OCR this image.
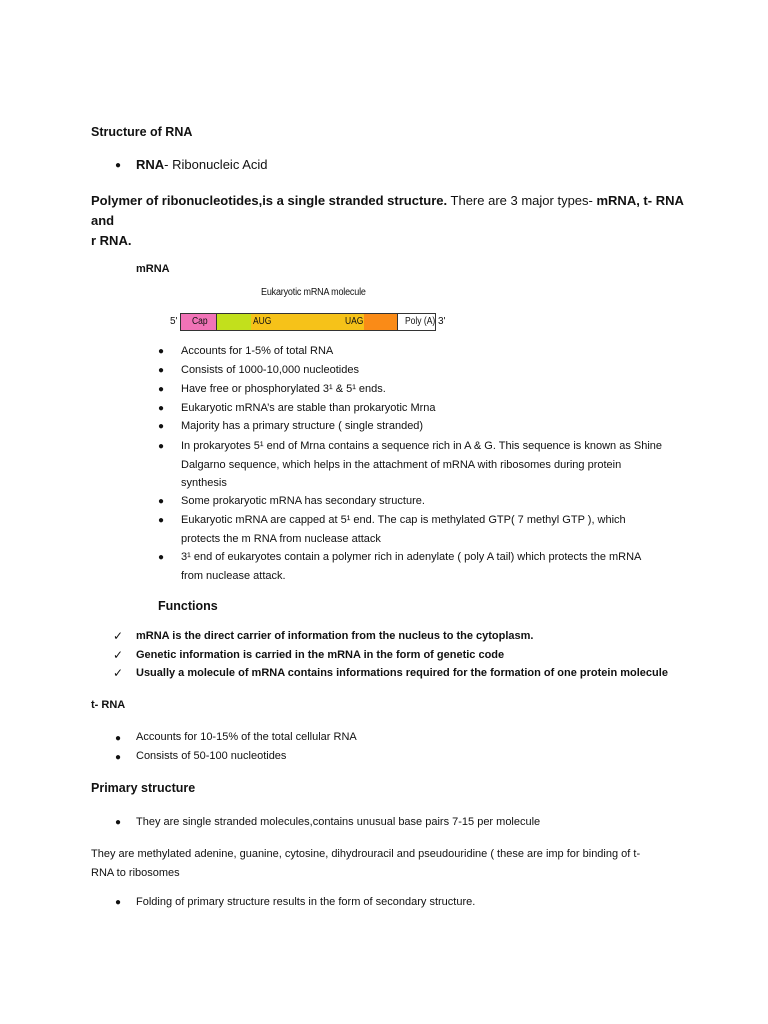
Structure of RNA
● RNA- Ribonucleic Acid
Polymer of ribonucleotides,is a single stranded structure. There are 3 major types- mRNA, t- RNA and
r RNA.
mRNA
Eukaryotic mRNA molecule
5' Cap	AUG	UAG	Poly (A) 3'
● Accounts for 1-5% of total RNA
● Consists of 1000-10,000 nucleotides
● Have free or phosphorylated 3¹ & 5¹ ends.
● Eukaryotic mRNA’s are stable than prokaryotic Mrna
● Majority has a primary structure ( single stranded)
● In prokaryotes 5¹ end of Mrna contains a sequence rich in A & G. This sequence is known as Shine
Dalgarno sequence, which helps in the attachment of mRNA with ribosomes during protein
synthesis
● Some prokaryotic mRNA has secondary structure.
● Eukaryotic mRNA are capped at 5¹ end. The cap is methylated GTP( 7 methyl GTP ), which
protects the m RNA from nuclease attack
● 3¹ end of eukaryotes contain a polymer rich in adenylate ( poly A tail) which protects the mRNA
from nuclease attack.
Functions
✓ mRNA is the direct carrier of information from the nucleus to the cytoplasm.
✓ Genetic information is carried in the mRNA in the form of genetic code
✓ Usually a molecule of mRNA contains informations required for the formation of one protein molecule
t- RNA
● Accounts for 10-15% of the total cellular RNA
● Consists of 50-100 nucleotides
Primary structure
● They are single stranded molecules,contains unusual base pairs 7-15 per molecule
They are methylated adenine, guanine, cytosine, dihydrouracil and pseudouridine ( these are imp for binding of t-
RNA to ribosomes
● Folding of primary structure results in the form of secondary structure.
